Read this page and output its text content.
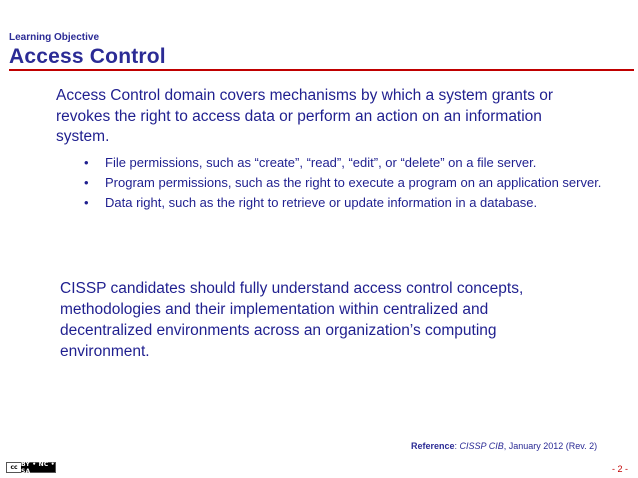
Learning Objective
Access Control
Access Control domain covers mechanisms by which a system grants or revokes the right to access data or perform an action on an information system.
• File permissions, such as “create”, “read”, “edit”, or “delete” on a file server.
• Program permissions, such as the right to execute a program on an application server.
• Data right, such as the right to retrieve or update information in a database.
CISSP candidates should fully understand access control concepts, methodologies and their implementation within centralized and decentralized environments across an organization’s computing environment.
Reference: CISSP CIB, January 2012 (Rev. 2)
cc BY • NC • SA	- 2 -
